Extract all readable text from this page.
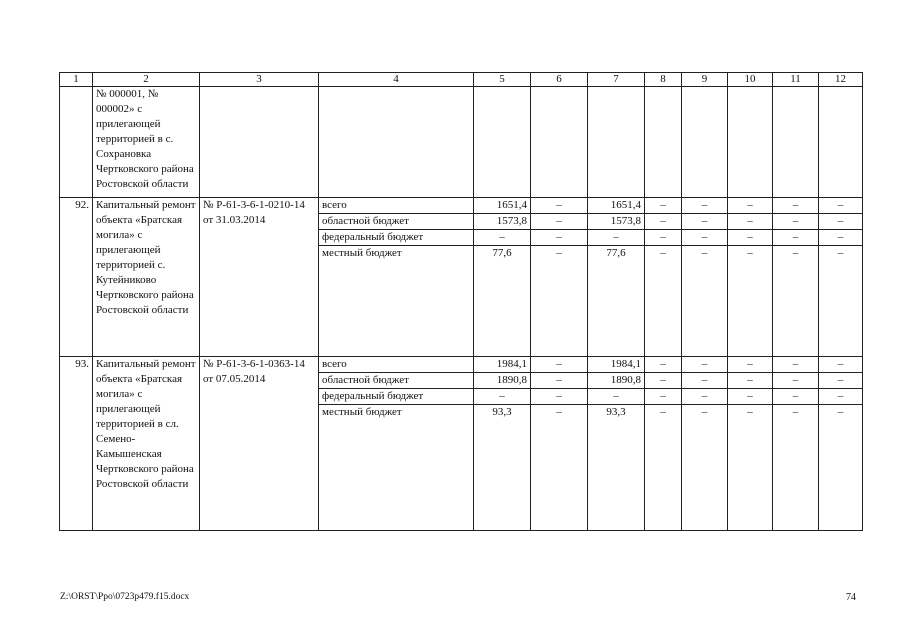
1	2	3	4	5	6	7	8	9	10	11	12
	№ 000001, № 000002» с прилегающей территорией в с. Сохрановка Чертковского района Ростовской области										
92.	Капитальный ремонт объекта «Братская могила» с прилегающей территорией с. Кутейниково Чертковского района Ростовской области	№ Р-61-3-6-1-0210-14 от 31.03.2014	всего	1651,4	–	1651,4	–	–	–	–	–
			областной бюджет	1573,8	–	1573,8	–	–	–	–	–
			федеральный бюджет	–	–	–	–	–	–	–	–
			местный бюджет	77,6	–	77,6	–	–	–	–	–
93.	Капитальный ремонт объекта «Братская могила» с прилегающей территорией в сл. Семено-Камышенская Чертковского района Ростовской области	№ Р-61-3-6-1-0363-14 от 07.05.2014	всего	1984,1	–	1984,1	–	–	–	–	–
			областной бюджет	1890,8	–	1890,8	–	–	–	–	–
			федеральный бюджет	–	–	–	–	–	–	–	–
			местный бюджет	93,3	–	93,3	–	–	–	–	–
Z:\ORST\Ppo\0723p479.f15.docx	74
